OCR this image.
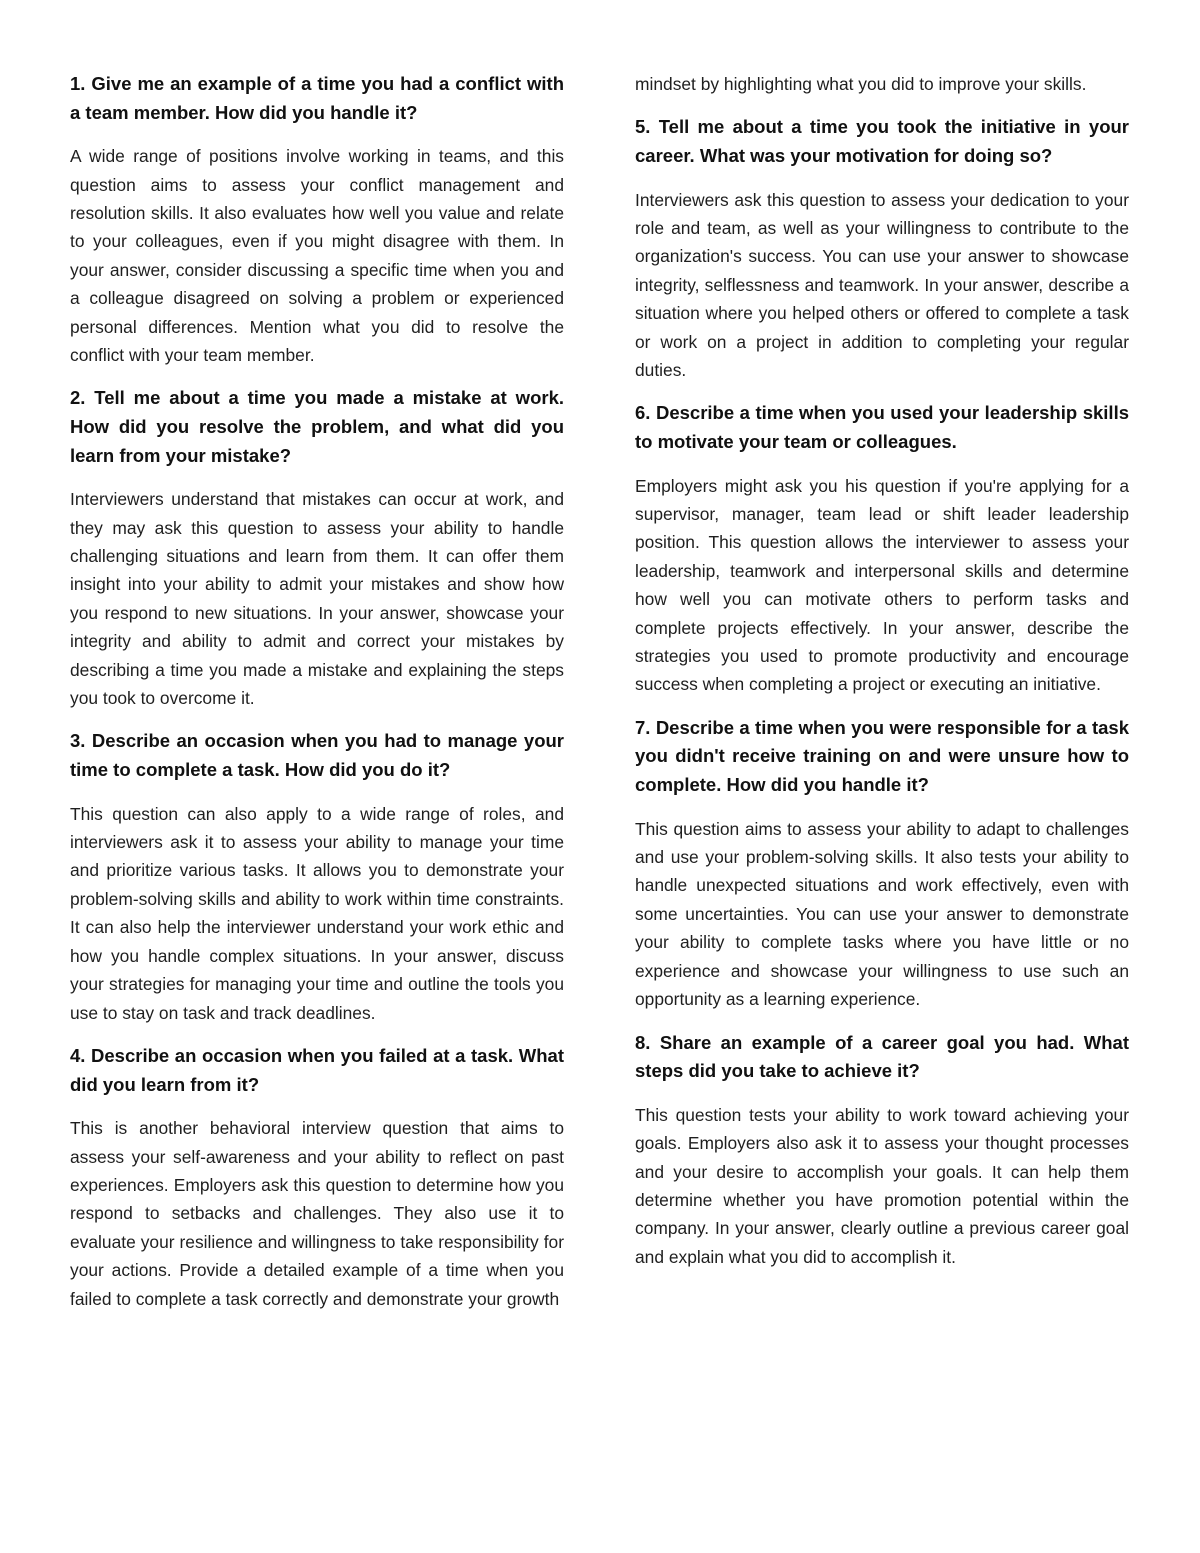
1. Give me an example of a time you had a conflict with a team member. How did you handle it?

A wide range of positions involve working in teams, and this question aims to assess your conflict management and resolution skills. It also evaluates how well you value and relate to your colleagues, even if you might disagree with them. In your answer, consider discussing a specific time when you and a colleague disagreed on solving a problem or experienced personal differences. Mention what you did to resolve the conflict with your team member.

2. Tell me about a time you made a mistake at work. How did you resolve the problem, and what did you learn from your mistake?

Interviewers understand that mistakes can occur at work, and they may ask this question to assess your ability to handle challenging situations and learn from them. It can offer them insight into your ability to admit your mistakes and show how you respond to new situations. In your answer, showcase your integrity and ability to admit and correct your mistakes by describing a time you made a mistake and explaining the steps you took to overcome it.

3. Describe an occasion when you had to manage your time to complete a task. How did you do it?

This question can also apply to a wide range of roles, and interviewers ask it to assess your ability to manage your time and prioritize various tasks. It allows you to demonstrate your problem-solving skills and ability to work within time constraints. It can also help the interviewer understand your work ethic and how you handle complex situations. In your answer, discuss your strategies for managing your time and outline the tools you use to stay on task and track deadlines.

4. Describe an occasion when you failed at a task. What did you learn from it?

This is another behavioral interview question that aims to assess your self-awareness and your ability to reflect on past experiences. Employers ask this question to determine how you respond to setbacks and challenges. They also use it to evaluate your resilience and willingness to take responsibility for your actions. Provide a detailed example of a time when you failed to complete a task correctly and demonstrate your growth

mindset by highlighting what you did to improve your skills.

5. Tell me about a time you took the initiative in your career. What was your motivation for doing so?

Interviewers ask this question to assess your dedication to your role and team, as well as your willingness to contribute to the organization's success. You can use your answer to showcase integrity, selflessness and teamwork. In your answer, describe a situation where you helped others or offered to complete a task or work on a project in addition to completing your regular duties.

6. Describe a time when you used your leadership skills to motivate your team or colleagues.

Employers might ask you his question if you're applying for a supervisor, manager, team lead or shift leader leadership position. This question allows the interviewer to assess your leadership, teamwork and interpersonal skills and determine how well you can motivate others to perform tasks and complete projects effectively. In your answer, describe the strategies you used to promote productivity and encourage success when completing a project or executing an initiative.

7. Describe a time when you were responsible for a task you didn't receive training on and were unsure how to complete. How did you handle it?

This question aims to assess your ability to adapt to challenges and use your problem-solving skills. It also tests your ability to handle unexpected situations and work effectively, even with some uncertainties. You can use your answer to demonstrate your ability to complete tasks where you have little or no experience and showcase your willingness to use such an opportunity as a learning experience.

8. Share an example of a career goal you had. What steps did you take to achieve it?

This question tests your ability to work toward achieving your goals. Employers also ask it to assess your thought processes and your desire to accomplish your goals. It can help them determine whether you have promotion potential within the company. In your answer, clearly outline a previous career goal and explain what you did to accomplish it.
